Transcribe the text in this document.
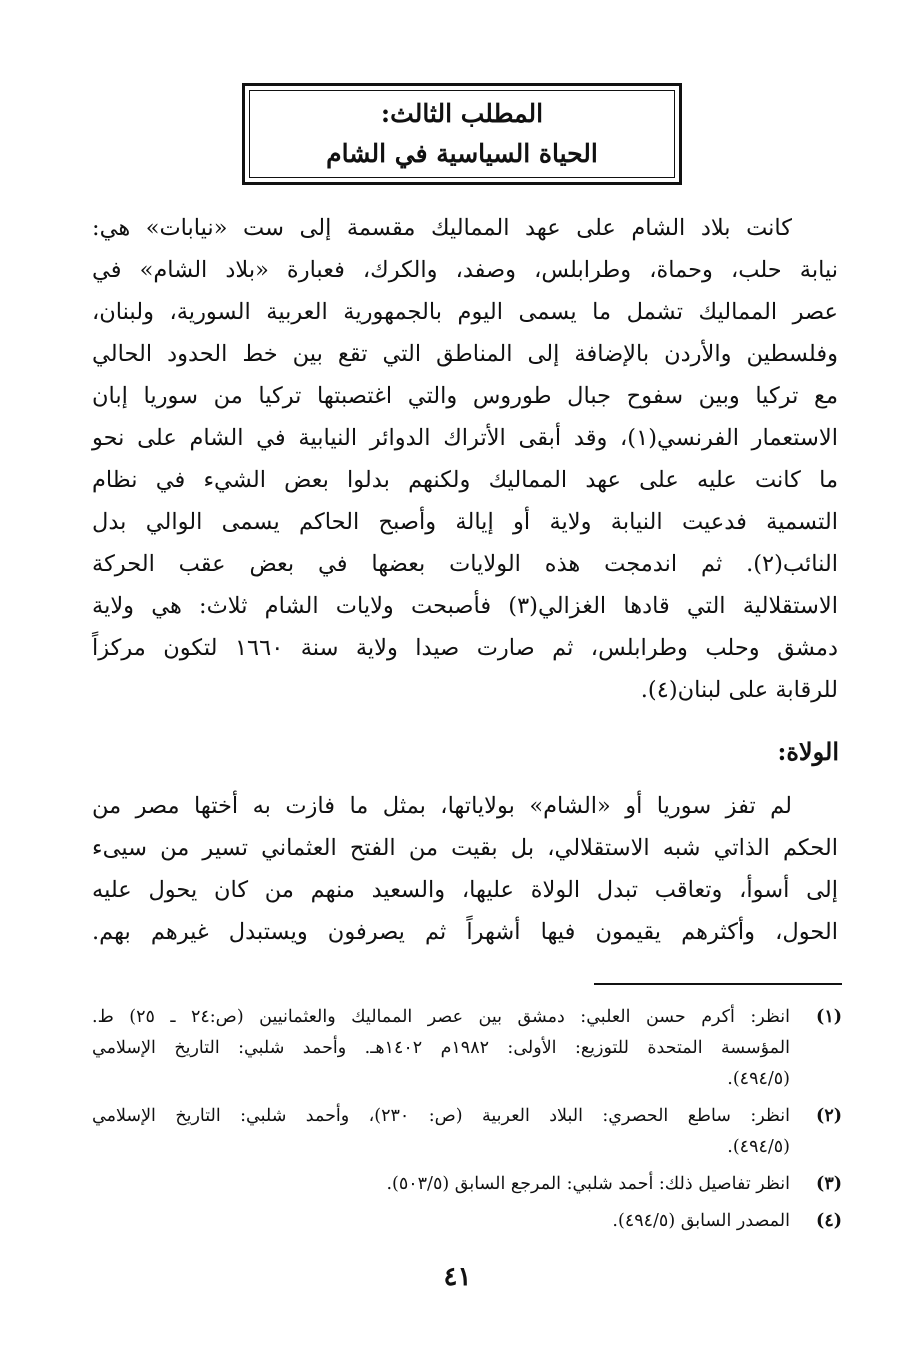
المطلب الثالث:
الحياة السياسية في الشام
كانت بلاد الشام على عهد المماليك مقسمة إلى ست «نيابات» هي:
نيابة حلب، وحماة، وطرابلس، وصفد، والكرك، فعبارة «بلاد الشام» في
عصر المماليك تشمل ما يسمى اليوم بالجمهورية العربية السورية، ولبنان،
وفلسطين والأردن بالإضافة إلى المناطق التي تقع بين خط الحدود الحالي
مع تركيا وبين سفوح جبال طوروس والتي اغتصبتها تركيا من سوريا إبان
الاستعمار الفرنسي(١)، وقد أبقى الأتراك الدوائر النيابية في الشام على نحو
ما كانت عليه على عهد المماليك ولكنهم بدلوا بعض الشيء في نظام
التسمية فدعيت النيابة ولاية أو إيالة وأصبح الحاكم يسمى الوالي بدل
النائب(٢). ثم اندمجت هذه الولايات بعضها في بعض عقب الحركة
الاستقلالية التي قادها الغزالي(٣) فأصبحت ولايات الشام ثلاث: هي ولاية
دمشق وحلب وطرابلس، ثم صارت صيدا ولاية سنة ١٦٦٠ لتكون مركزاً
للرقابة على لبنان(٤).
الولاة:
لم تفز سوريا أو «الشام» بولاياتها، بمثل ما فازت به أختها مصر من
الحكم الذاتي شبه الاستقلالي، بل بقيت من الفتح العثماني تسير من سيىء
إلى أسوأ، وتعاقب تبدل الولاة عليها، والسعيد منهم من كان يحول عليه
الحول، وأكثرهم يقيمون فيها أشهراً ثم يصرفون ويستبدل غيرهم بهم.
(١)
انظر: أكرم حسن العلبي: دمشق بين عصر المماليك والعثمانيين (ص:٢٤ ـ ٢٥) ط.
المؤسسة المتحدة للتوزيع: الأولى: ١٩٨٢م ١٤٠٢هـ. وأحمد شلبي: التاريخ الإسلامي
(٤٩٤/٥).
(٢)
انظر: ساطع الحصري: البلاد العربية (ص: ٢٣٠)، وأحمد شلبي: التاريخ الإسلامي
(٤٩٤/٥).
(٣)
انظر تفاصيل ذلك: أحمد شلبي: المرجع السابق (٥٠٣/٥).
(٤)
المصدر السابق (٤٩٤/٥).
٤١
